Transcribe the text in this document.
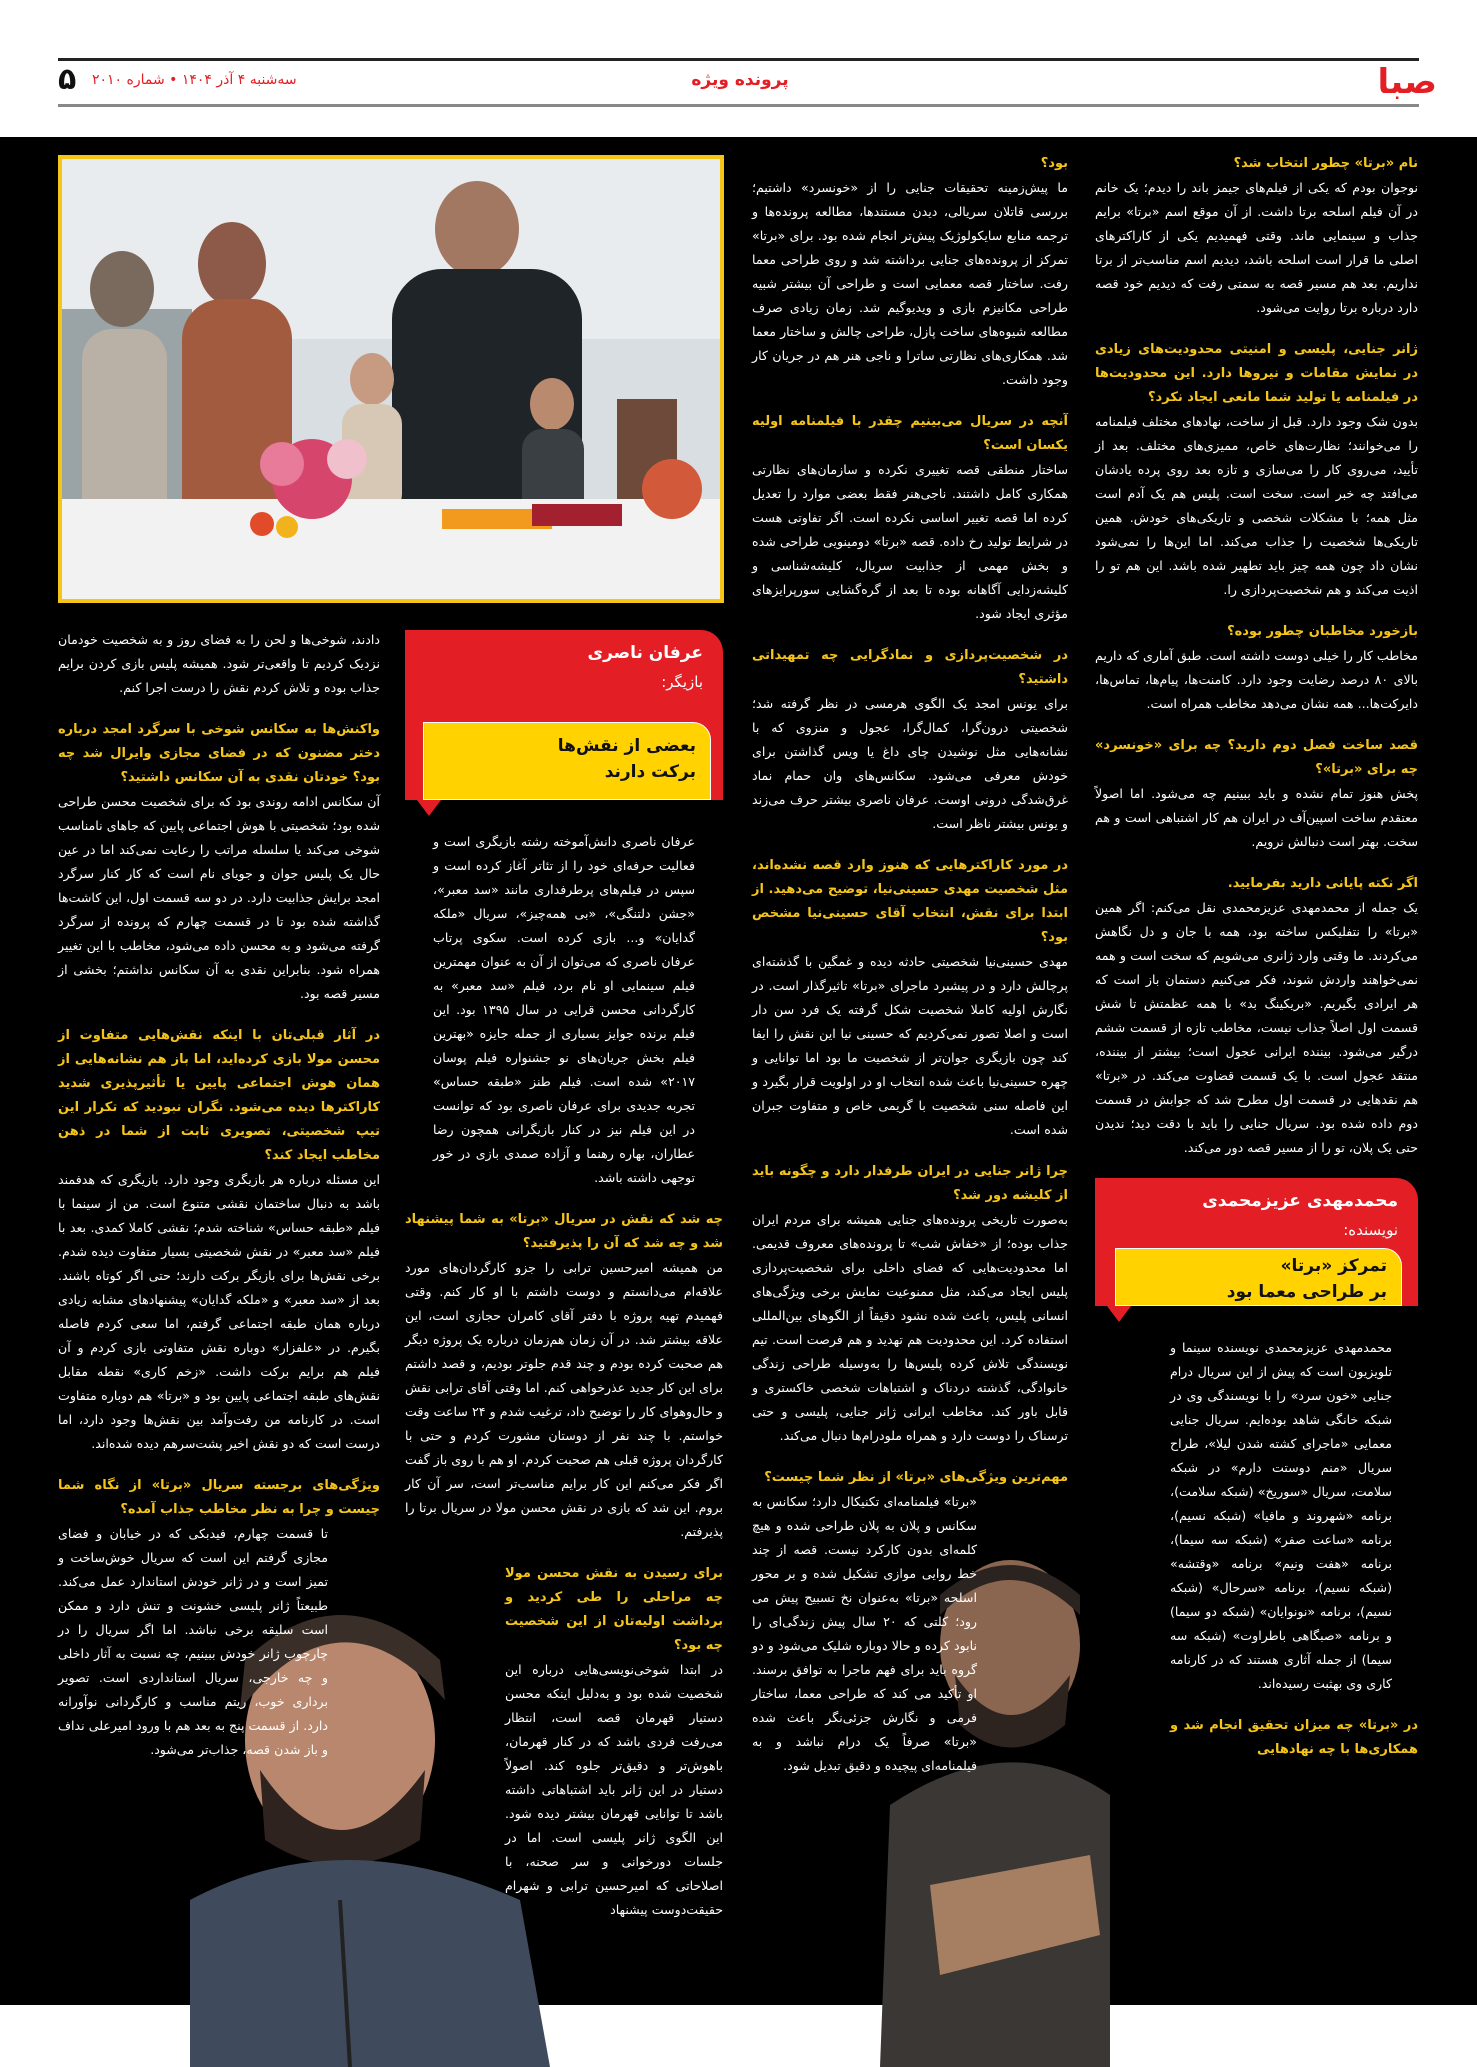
صبا
پرونده ویژه
سه‌شنبه ۴ آذر ۱۴۰۴ • شماره ۲۰۱۰
۵
نام «برتا» چطور انتخاب شد؟

نوجوان بودم که یکی از فیلم‌های جیمز باند را دیدم؛ یک خانم در آن فیلم اسلحه برتا داشت. از آن موقع اسم «برتا» برایم جذاب و سینمایی ماند. وقتی فهمیدیم یکی از کاراکترهای اصلی ما قرار است اسلحه باشد، دیدیم اسم مناسب‌تر از برتا نداریم. بعد هم مسیر قصه به سمتی رفت که دیدیم خود قصه دارد درباره برتا روایت می‌شود.

ژانر جنایی، پلیسی و امنیتی محدودیت‌های زیادی در نمایش مقامات و نیروها دارد. این محدودیت‌ها در فیلمنامه یا تولید شما مانعی ایجاد نکرد؟

بدون شک وجود دارد. قبل از ساخت، نهادهای مختلف فیلمنامه را می‌خوانند؛ نظارت‌های خاص، ممیزی‌های مختلف. بعد از تأیید، می‌روی کار را می‌سازی و تازه بعد روی پرده یادشان می‌افتد چه خبر است. سخت است. پلیس هم یک آدم است مثل همه؛ با مشکلات شخصی و تاریکی‌های خودش. همین تاریکی‌ها شخصیت را جذاب می‌کند. اما این‌ها را نمی‌شود نشان داد چون همه چیز باید تطهیر شده باشد. این هم تو را اذیت می‌کند و هم شخصیت‌پردازی را.

بازخورد مخاطبان چطور بوده؟

مخاطب کار را خیلی دوست داشته است. طبق آماری که داریم بالای ۸۰ درصد رضایت وجود دارد. کامنت‌ها، پیام‌ها، تماس‌ها، دایرکت‌ها... همه نشان می‌دهد مخاطب همراه است.

قصد ساخت فصل دوم دارید؟ چه برای «خونسرد» چه برای «برتا»؟

پخش هنوز تمام نشده و باید ببینیم چه می‌شود. اما اصولاً معتقدم ساخت اسپین‌آف در ایران هم کار اشتباهی است و هم سخت. بهتر است دنبالش نرویم.

اگر نکته پایانی دارید بفرمایید.

یک جمله از محمدمهدی عزیزمحمدی نقل می‌کنم: اگر همین «برتا» را نتفلیکس ساخته بود، همه با جان و دل نگاهش می‌کردند. ما وقتی وارد ژانری می‌شویم که سخت است و همه نمی‌خواهند واردش شوند، فکر می‌کنیم دستمان باز است که هر ایرادی بگیریم. «بریکینگ بد» با همه عظمتش تا شش قسمت اول اصلاً جذاب نیست، مخاطب تازه از قسمت ششم درگیر می‌شود. بیننده ایرانی عجول است؛ بیشتر از بیننده، منتقد عجول است. با یک قسمت قضاوت می‌کند. در «برتا» هم نقدهایی در قسمت اول مطرح شد که جوابش در قسمت دوم داده شده بود. سریال جنایی را باید با دقت دید؛ ندیدن حتی یک پلان، تو را از مسیر قصه دور می‌کند.

محمدمهدی عزیزمحمدی
نویسنده:
تمرکز «برتا»
بر طراحی معما بود

محمدمهدی عزیزمحمدی نویسنده سینما و تلویزیون است که پیش از این سریال درام جنایی «خون سرد» را با نویسندگی وی در شبکه خانگی شاهد بوده‌ایم. سریال جنایی معمایی «ماجرای کشته شدن لیلا»، طراح سریال «منم دوستت دارم» در شبکه سلامت، سریال «سوریخ» (شبکه سلامت)، برنامه «شهروند و مافیا» (شبکه نسیم)، برنامه «ساعت صفر» (شبکه سه سیما)، برنامه «هفت ونیم» برنامه «وقتشه» (شبکه نسیم)، برنامه «سرحال» (شبکه نسیم)، برنامه «نونوایان» (شبکه دو سیما) و برنامه «صبگاهی باطراوت» (شبکه سه سیما) از جمله آثاری هستند که در کارنامه کاری وی بهثبت رسیده‌اند.

در «برتا» چه میزان تحقیق انجام شد و همکاری‌ها با چه نهادهایی
بود؟

ما پیش‌زمینه تحقیقات جنایی را از «خونسرد» داشتیم؛ بررسی قاتلان سریالی، دیدن مستندها، مطالعه پرونده‌ها و ترجمه منابع سایکولوژیک پیش‌تر انجام شده بود. برای «برتا» تمرکز از پرونده‌های جنایی برداشته شد و روی طراحی معما رفت. ساختار قصه معمایی است و طراحی آن بیشتر شبیه طراحی مکانیزم بازی و ویدیوگیم شد. زمان زیادی صرف مطالعه شیوه‌های ساخت پازل، طراحی چالش و ساختار معما شد. همکاری‌های نظارتی ساترا و ناجی هنر هم در جریان کار وجود داشت.

آنچه در سریال می‌بینیم چقدر با فیلمنامه اولیه یکسان است؟

ساختار منطقی قصه تغییری نکرده و سازمان‌های نظارتی همکاری کامل داشتند. ناجی‌هنر فقط بعضی موارد را تعدیل کرده اما قصه تغییر اساسی نکرده است. اگر تفاوتی هست در شرایط تولید رخ داده. قصه «برتا» دومینویی طراحی شده و بخش مهمی از جذابیت سریال، کلیشه‌شناسی و کلیشه‌زدایی آگاهانه بوده تا بعد از گره‌گشایی سورپرایزهای مؤثری ایجاد شود.

در شخصیت‌پردازی و نمادگرایی چه تمهیداتی داشتید؟

برای یونس امجد یک الگوی هرمسی در نظر گرفته شد؛ شخصیتی درون‌گرا، کمال‌گرا، عجول و منزوی که با نشانه‌هایی مثل نوشیدن چای داغ یا ویس گذاشتن برای خودش معرفی می‌شود. سکانس‌های وان حمام نماد غرق‌شدگی درونی اوست. عرفان ناصری بیشتر حرف می‌زند و یونس بیشتر ناظر است.

در مورد کاراکترهایی که هنوز وارد قصه نشده‌اند، مثل شخصیت مهدی حسینی‌نیا، توضیح می‌دهید. از ابتدا برای نقش، انتخاب آقای حسینی‌نیا مشخص بود؟

مهدی حسینی‌نیا شخصیتی حادثه دیده و غمگین با گذشته‌ای پرچالش دارد و در پیشبرد ماجرای «برتا» تاثیرگذار است. در نگارش اولیه کاملا شخصیت شکل گرفته یک فرد سن دار است و اصلا تصور نمی‌کردیم که حسینی نیا این نقش را ایفا کند چون بازیگری جوان‌تر از شخصیت ما بود اما توانایی و چهره حسینی‌نیا باعث شده انتخاب او در اولویت قرار بگیرد و این فاصله سنی شخصیت با گریمی خاص و متفاوت جبران شده است.

چرا ژانر جنایی در ایران طرفدار دارد و چگونه باید از کلیشه دور شد؟

به‌صورت تاریخی پرونده‌های جنایی همیشه برای مردم ایران جذاب بوده؛ از «خفاش شب» تا پرونده‌های معروف قدیمی. اما محدودیت‌هایی که فضای داخلی برای شخصیت‌پردازی پلیس ایجاد می‌کند، مثل ممنوعیت نمایش برخی ویژگی‌های انسانی پلیس، باعث شده نشود دقیقاً از الگوهای بین‌المللی استفاده کرد. این محدودیت هم تهدید و هم فرصت است. تیم نویسندگی تلاش کرده پلیس‌ها را به‌وسیله طراحی زندگی خانوادگی، گذشته دردناک و اشتباهات شخصی خاکستری و قابل باور کند. مخاطب ایرانی ژانر جنایی، پلیسی و حتی ترسناک را دوست دارد و همراه ملودرام‌ها دنبال می‌کند.

مهم‌ترین ویژگی‌های «برتا» از نظر شما چیست؟

«برتا» فیلمنامه‌ای تکنیکال دارد؛ سکانس به سکانس و پلان به پلان طراحی شده و هیچ کلمه‌ای بدون کارکرد نیست. قصه از چند خط روایی موازی تشکیل شده و بر محور اسلحه «برتا» به‌عنوان نخ تسبیح پیش می رود؛ کلتی که ۲۰ سال پیش زندگی‌ای را نابود کرده و حالا دوباره شلیک می‌شود و دو گروه باید برای فهم ماجرا به توافق برسند. او تأکید می کند که طراحی معما، ساختار فرمی و نگارش جزئی‌نگر باعث شده «برتا» صرفاً یک درام نباشد و به فیلمنامه‌ای پیچیده و دقیق تبدیل شود.

عرفان ناصری
بازیگر:
بعضی از نقش‌ها
برکت دارند

عرفان ناصری دانش‌آموخته رشته بازیگری است و فعالیت حرفه‌ای خود را از تئاتر آغاز کرده است و سپس در فیلم‌های پرطرفداری مانند «سد معبر»، «جشن دلتنگی»، «بی همه‌چیز»، سریال «ملکه گدایان» و... بازی کرده است. سکوی پرتاب عرفان ناصری که می‌توان از آن به عنوان مهمترین فیلم سینمایی او نام برد، فیلم «سد معبر» به کارگردانی محسن قرایی در سال ۱۳۹۵ بود. این فیلم برنده جوایز بسیاری از جمله جایزه «بهترین فیلم بخش جریان‌های نو جشنواره فیلم پوسان ۲۰۱۷» شده است. فیلم طنز «طبقه حساس» تجربه جدیدی برای عرفان ناصری بود که توانست در این فیلم نیز در کنار بازیگرانی همچون رضا عطاران، بهاره رهنما و آزاده صمدی بازی در خور توجهی داشته باشد.

چه شد که نقش در سریال «برتا» به شما پیشنهاد شد و چه شد که آن را پذیرفتید؟

من همیشه امیرحسین ترابی را جزو کارگردان‌های مورد علاقه‌ام می‌دانستم و دوست داشتم با او کار کنم. وقتی فهمیدم تهیه پروژه با دفتر آقای کامران حجازی است، این علاقه بیشتر شد. در آن زمان هم‌زمان درباره یک پروژه دیگر هم صحبت کرده بودم و چند قدم جلوتر بودیم، و قصد داشتم برای این کار جدید عذرخواهی کنم. اما وقتی آقای ترابی نقش و حال‌وهوای کار را توضیح داد، ترغیب شدم و ۲۴ ساعت وقت خواستم. با چند نفر از دوستان مشورت کردم و حتی با کارگردان پروژه قبلی هم صحبت کردم. او هم با روی باز گفت اگر فکر می‌کنم این کار برایم مناسب‌تر است، سر آن کار بروم. این شد که بازی در نقش محسن مولا در سریال برتا را پذیرفتم.

برای رسیدن به نقش محسن مولا چه مراحلی را طی کردید و برداشت اولیه‌تان از این شخصیت چه بود؟

در ابتدا شوخی‌نویسی‌هایی درباره این شخصیت شده بود و به‌دلیل اینکه محسن دستیار قهرمان قصه است، انتظار می‌رفت فردی باشد که در کنار قهرمان، باهوش‌تر و دقیق‌تر جلوه کند. اصولاً دستیار در این ژانر باید اشتباهاتی داشته باشد تا توانایی قهرمان بیشتر دیده شود. این الگوی ژانر پلیسی است. اما در جلسات دورخوانی و سر صحنه، با اصلاحاتی که امیرحسین ترابی و شهرام حقیقت‌دوست پیشنهاد

دادند، شوخی‌ها و لحن را به فضای روز و به شخصیت خودمان نزدیک کردیم تا واقعی‌تر شود. همیشه پلیس بازی کردن برایم جذاب بوده و تلاش کردم نقش را درست اجرا کنم.

واکنش‌ها به سکانس شوخی با سرگرد امجد درباره دختر مضنون که در فضای مجازی وایرال شد چه بود؟ خودتان نقدی به آن سکانس داشتید؟

آن سکانس ادامه روندی بود که برای شخصیت محسن طراحی شده بود؛ شخصیتی با هوش اجتماعی پایین که جاهای نامناسب شوخی می‌کند یا سلسله مراتب را رعایت نمی‌کند اما در عین حال یک پلیس جوان و جویای نام است که کار کنار سرگرد امجد برایش جذابیت دارد. در دو سه قسمت اول، این کاشت‌ها گذاشته شده بود تا در قسمت چهارم که پرونده از سرگرد گرفته می‌شود و به محسن داده می‌شود، مخاطب با این تغییر همراه شود. بنابراین نقدی به آن سکانس نداشتم؛ بخشی از مسیر قصه بود.

در آثار قبلی‌تان با اینکه نقش‌هایی متفاوت از محسن مولا بازی کرده‌اید، اما باز هم نشانه‌هایی از همان هوش اجتماعی پایین یا تأثیرپذیری شدید کاراکترها دیده می‌شود. نگران نبودید که تکرار این تیپ شخصیتی، تصویری ثابت از شما در ذهن مخاطب ایجاد کند؟

این مسئله درباره هر بازیگری وجود دارد. بازیگری که هدفمند باشد به دنبال ساختمان نقشی متنوع است. من از سینما با فیلم «طبقه حساس» شناخته شدم؛ نقشی کاملا کمدی. بعد با فیلم «سد معبر» در نقش شخصیتی بسیار متفاوت دیده شدم. برخی نقش‌ها برای بازیگر برکت دارند؛ حتی اگر کوتاه باشند. بعد از «سد معبر» و «ملکه گدایان» پیشنهادهای مشابه زیادی درباره همان طبقه اجتماعی گرفتم، اما سعی کردم فاصله بگیرم. در «علفزار» دوباره نقش متفاوتی بازی کردم و آن فیلم هم برایم برکت داشت. «زخم کاری» نقطه مقابل نقش‌های طبقه اجتماعی پایین بود و «برتا» هم دوباره متفاوت است. در کارنامه من رفت‌وآمد بین نقش‌ها وجود دارد، اما درست است که دو نقش اخیر پشت‌سرهم دیده شده‌اند.

ویژگی‌های برجسته سریال «برتا» از نگاه شما چیست و چرا به نظر مخاطب جذاب آمده؟

تا قسمت چهارم، فیدبکی که در خیابان و فضای مجازی گرفتم این است که سریال خوش‌ساخت و تمیز است و در ژانر خودش استاندارد عمل می‌کند. طبیعتاً ژانر پلیسی خشونت و تنش دارد و ممکن است سلیقه برخی نباشد. اما اگر سریال را در چارچوب ژانر خودش ببینیم، چه نسبت به آثار داخلی و چه خارجی، سریال استانداردی است. تصویر برداری خوب، ریتم مناسب و کارگردانی نوآورانه دارد. از قسمت پنج به بعد هم با ورود امیرعلی نداف و باز شدن قصه، جذاب‌تر می‌شود.
